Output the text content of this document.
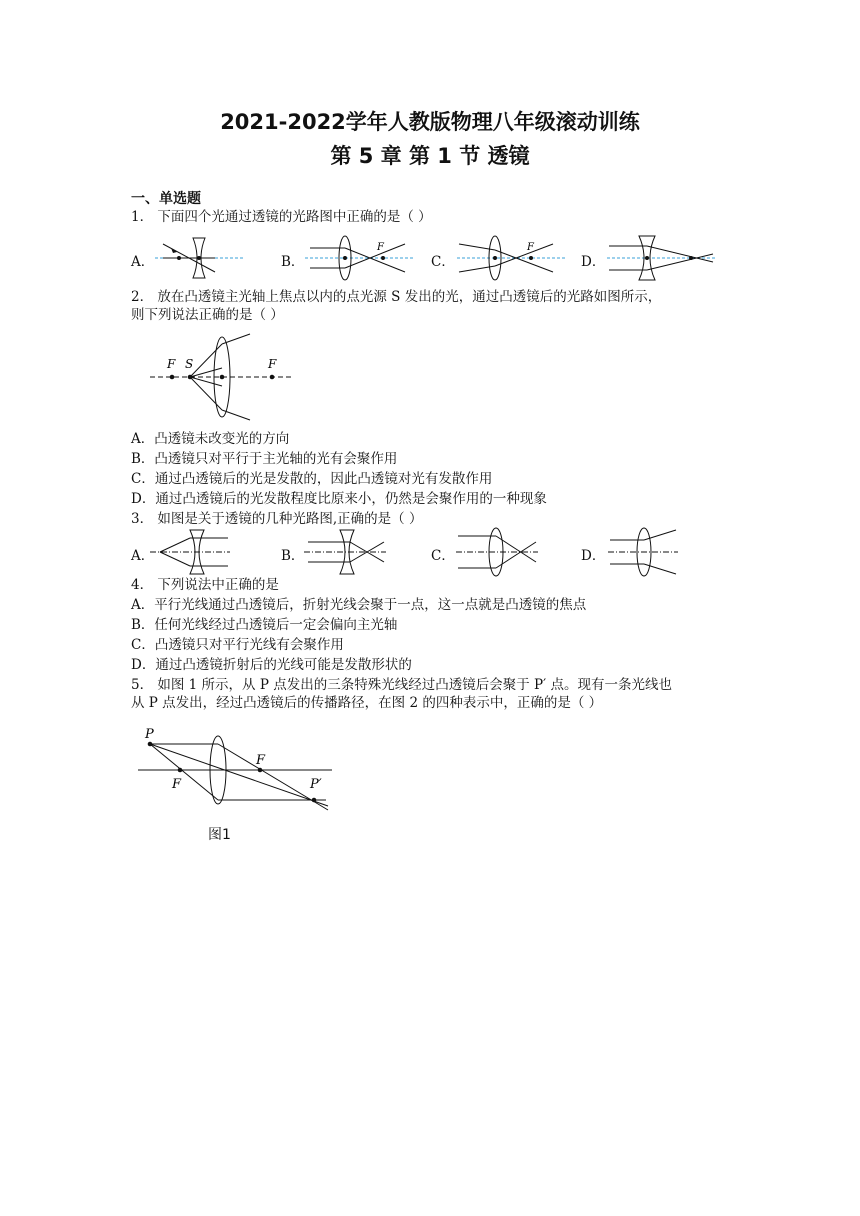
2021-2022学年人教版物理八年级滚动训练
第 5 章 第 1 节 透镜
一、单选题
1． 下面四个光通过透镜的光路图中正确的是（ ）
A．	B．	C．	D．
F	F
2． 放在凸透镜主光轴上焦点以内的点光源 S 发出的光，通过凸透镜后的光路如图所示，
则下列说法正确的是（ ）
F S	F
A．凸透镜未改变光的方向
B．凸透镜只对平行于主光轴的光有会聚作用
C．通过凸透镜后的光是发散的，因此凸透镜对光有发散作用
D．通过凸透镜后的光发散程度比原来小，仍然是会聚作用的一种现象
3． 如图是关于透镜的几种光路图,正确的是（ ）
A．	B．	C．	D．
4． 下列说法中正确的是
A．平行光线通过凸透镜后，折射光线会聚于一点，这一点就是凸透镜的焦点
B．任何光线经过凸透镜后一定会偏向主光轴
C．凸透镜只对平行光线有会聚作用
D．通过凸透镜折射后的光线可能是发散形状的
5． 如图 1 所示，从 P 点发出的三条特殊光线经过凸透镜后会聚于 P′ 点。现有一条光线也
从 P 点发出，经过凸透镜后的传播路径，在图 2 的四种表示中，正确的是（ ）
P
F
F
P′
图1
